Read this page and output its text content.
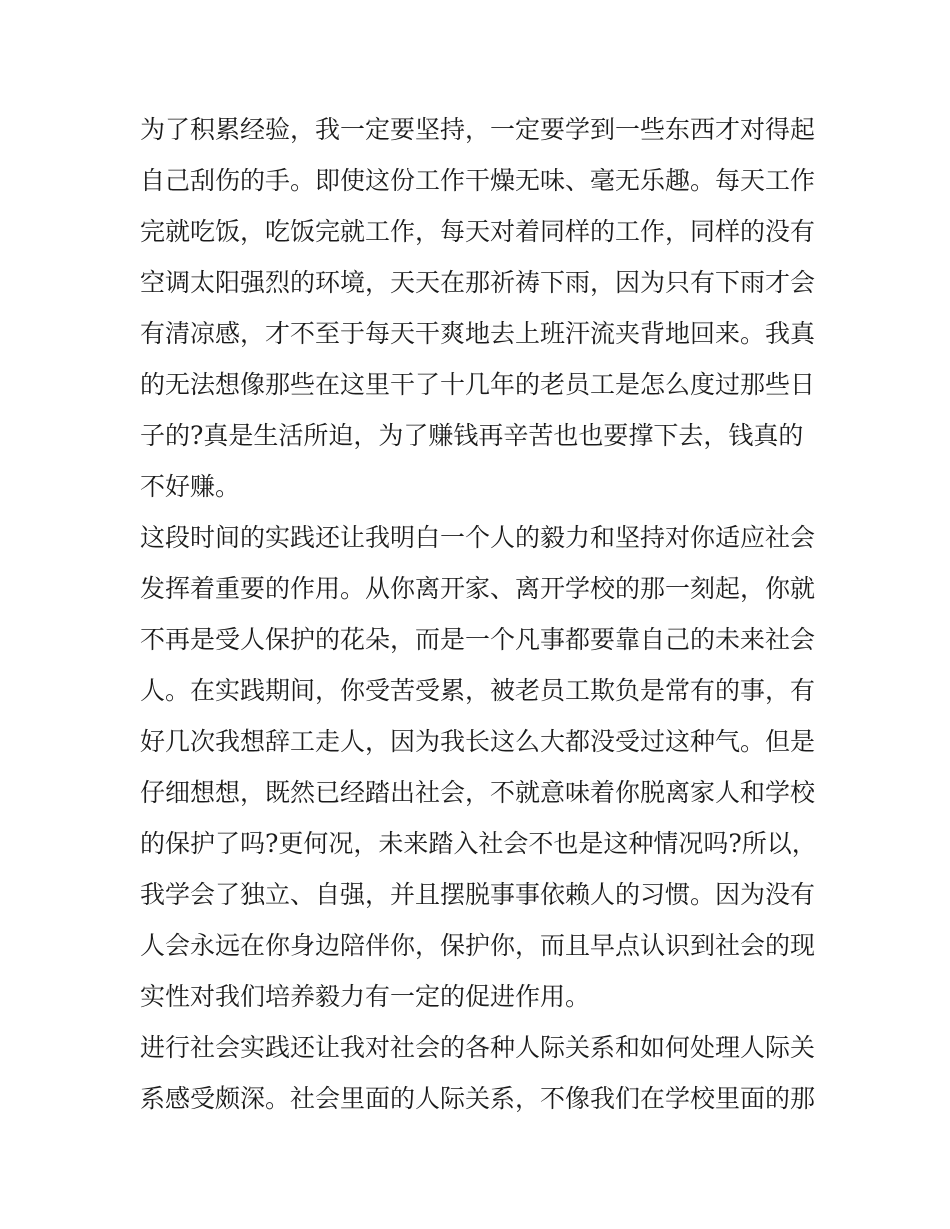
为了积累经验，我一定要坚持，一定要学到一些东西才对得起
自己刮伤的手。即使这份工作干燥无味、毫无乐趣。每天工作
完就吃饭，吃饭完就工作，每天对着同样的工作，同样的没有
空调太阳强烈的环境，天天在那祈祷下雨，因为只有下雨才会
有清凉感，才不至于每天干爽地去上班汗流夹背地回来。我真
的无法想像那些在这里干了十几年的老员工是怎么度过那些日
子的?真是生活所迫，为了赚钱再辛苦也也要撑下去，钱真的
不好赚。
这段时间的实践还让我明白一个人的毅力和坚持对你适应社会
发挥着重要的作用。从你离开家、离开学校的那一刻起，你就
不再是受人保护的花朵，而是一个凡事都要靠自己的未来社会
人。在实践期间，你受苦受累，被老员工欺负是常有的事，有
好几次我想辞工走人，因为我长这么大都没受过这种气。但是
仔细想想，既然已经踏出社会，不就意味着你脱离家人和学校
的保护了吗?更何况，未来踏入社会不也是这种情况吗?所以，
我学会了独立、自强，并且摆脱事事依赖人的习惯。因为没有
人会永远在你身边陪伴你，保护你，而且早点认识到社会的现
实性对我们培养毅力有一定的促进作用。
进行社会实践还让我对社会的各种人际关系和如何处理人际关
系感受颇深。社会里面的人际关系，不像我们在学校里面的那
